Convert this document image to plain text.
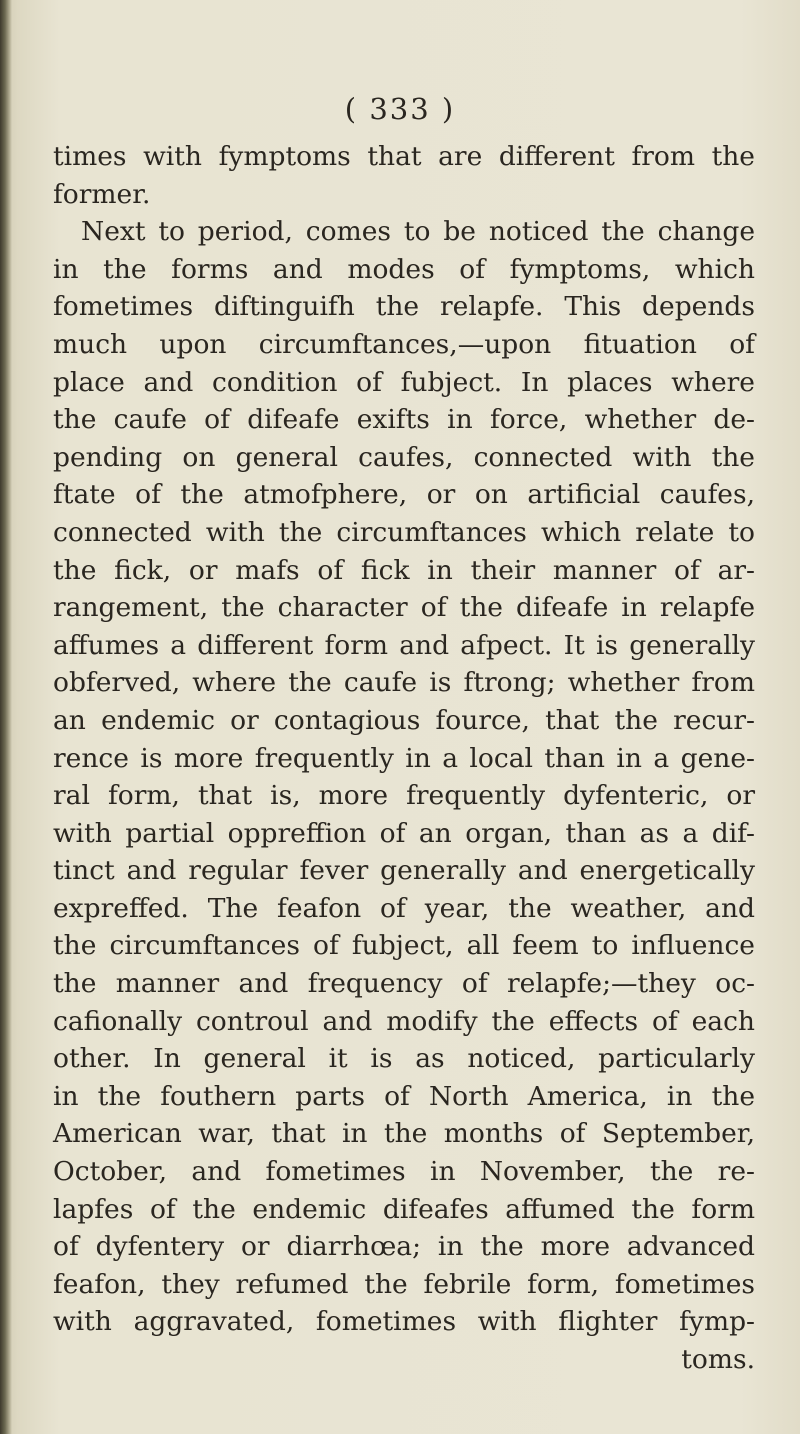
( 333 )
times with fymptoms that are different from the
former.
Next to period, comes to be noticed the change
in the forms and modes of fymptoms, which
fometimes diftinguifh the relapfe. This depends
much upon circumftances,—upon fituation of
place and condition of fubject. In places where
the caufe of difeafe exifts in force, whether de-
pending on general caufes, connected with the
ftate of the atmofphere, or on artificial caufes,
connected with the circumftances which relate to
the fick, or mafs of fick in their manner of ar-
rangement, the character of the difeafe in relapfe
affumes a different form and afpect. It is generally
obferved, where the caufe is ftrong; whether from
an endemic or contagious fource, that the recur-
rence is more frequently in a local than in a gene-
ral form, that is, more frequently dyfenteric, or
with partial oppreffion of an organ, than as a dif-
tinct and regular fever generally and energetically
expreffed. The feafon of year, the weather, and
the circumftances of fubject, all feem to influence
the manner and frequency of relapfe;—they oc-
cafionally controul and modify the effects of each
other. In general it is as noticed, particularly
in the fouthern parts of North America, in the
American war, that in the months of September,
October, and fometimes in November, the re-
lapfes of the endemic difeafes affumed the form
of dyfentery or diarrhœa; in the more advanced
feafon, they refumed the febrile form, fometimes
with aggravated, fometimes with flighter fymp-
toms.
